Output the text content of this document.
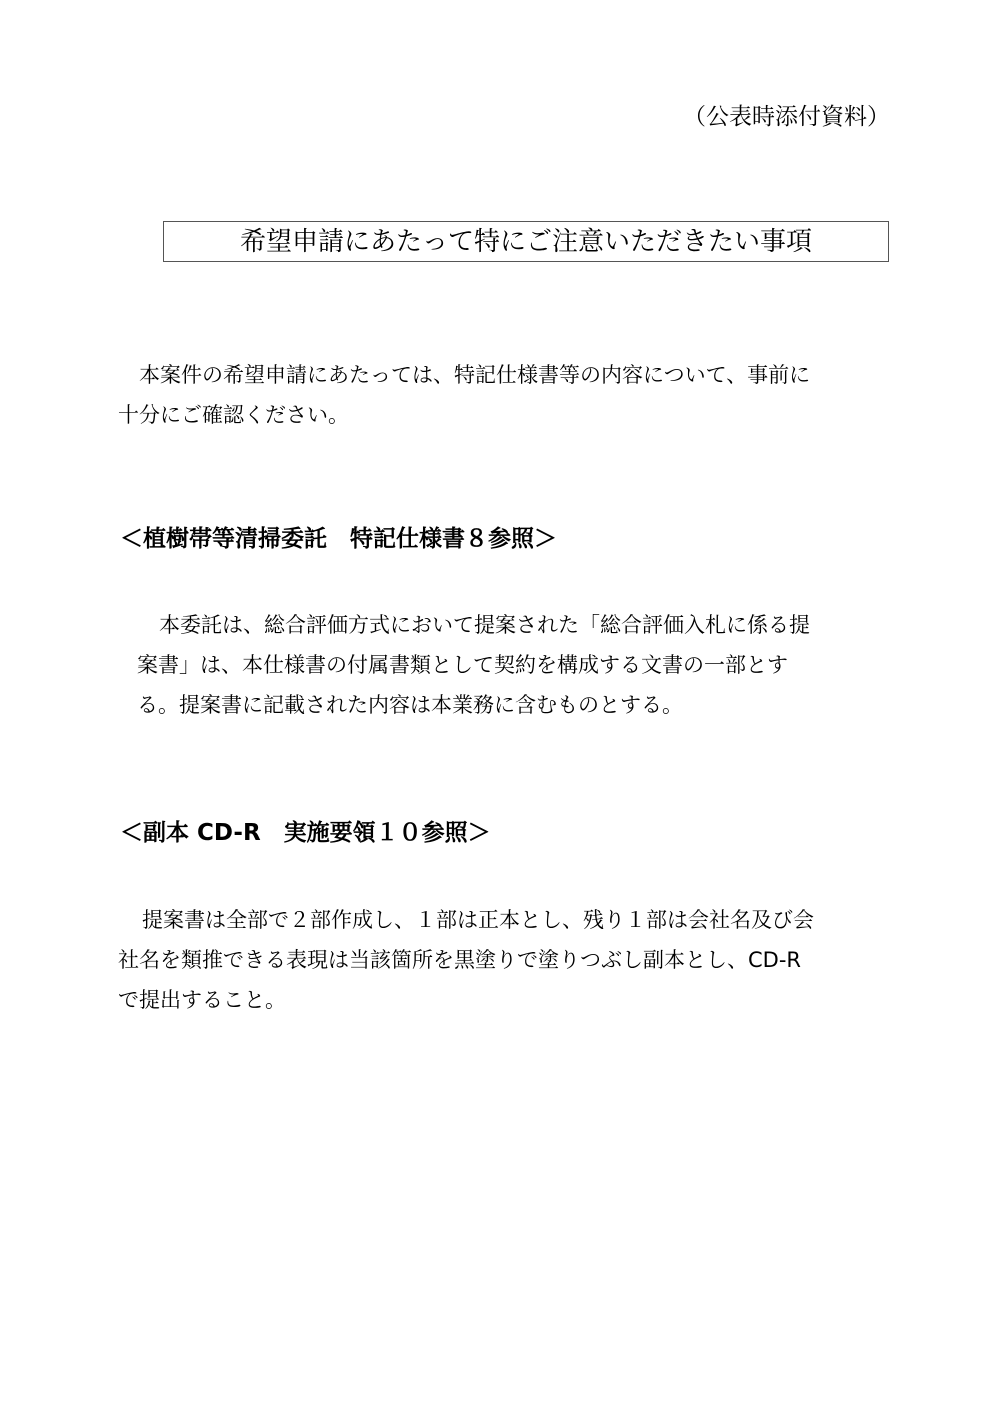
（公表時添付資料）
希望申請にあたって特にご注意いただきたい事項
本案件の希望申請にあたっては、特記仕様書等の内容について、事前に
十分にご確認ください。
＜植樹帯等清掃委託　特記仕様書８参照＞
本委託は、総合評価方式において提案された「総合評価入札に係る提
案書」は、本仕様書の付属書類として契約を構成する文書の一部とす
る。提案書に記載された内容は本業務に含むものとする。
＜副本 CD-R　実施要領１０参照＞
提案書は全部で２部作成し、１部は正本とし、残り１部は会社名及び会
社名を類推できる表現は当該箇所を黒塗りで塗りつぶし副本とし、CD-R
で提出すること。
